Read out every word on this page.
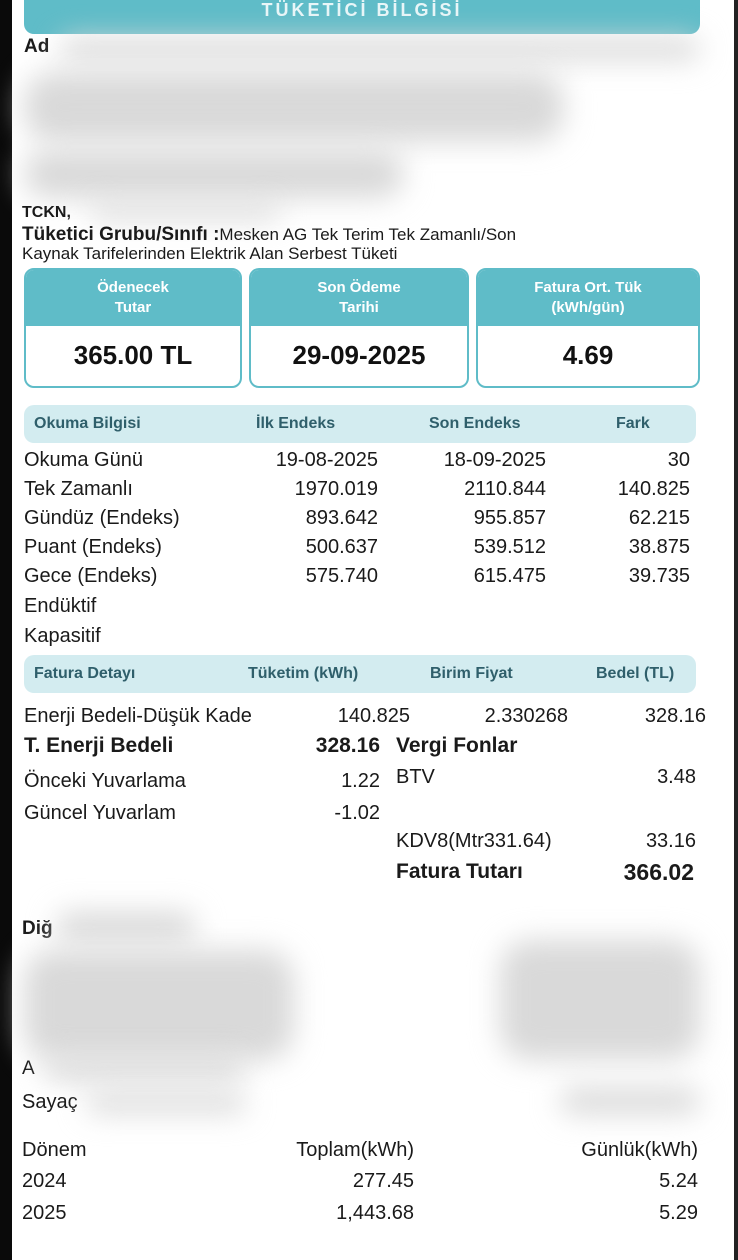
TÜKETİCİ BİLGİSİ
Ad
TCKN,
Tüketici Grubu/Sınıfı :Mesken AG Tek Terim Tek Zamanlı/Son
Kaynak Tarifelerinden Elektrik Alan Serbest Tüketi
Ödenecek
Tutar
365.00 TL
Son Ödeme
Tarihi
29-09-2025
Fatura Ort. Tük
(kWh/gün)
4.69
Okuma Bilgisi	İlk Endeks	Son Endeks	Fark
Okuma Günü	19-08-2025	18-09-2025	30
Tek Zamanlı	1970.019	2110.844	140.825
Gündüz (Endeks)	893.642	955.857	62.215
Puant (Endeks)	500.637	539.512	38.875
Gece (Endeks)	575.740	615.475	39.735
Endüktif
Kapasitif
Fatura Detayı	Tüketim (kWh)	Birim Fiyat	Bedel (TL)
Enerji Bedeli-Düşük Kade	140.825	2.330268	328.16
T. Enerji Bedeli	328.16 Vergi Fonlar
Önceki Yuvarlama	1.22 BTV	3.48
Güncel Yuvarlam	-1.02
KDV8(Mtr331.64)	33.16
Fatura Tutarı	366.02
Diğ
A
Sayaç
Dönem	Toplam(kWh)	Günlük(kWh)
2024	277.45	5.24
2025	1,443.68	5.29
